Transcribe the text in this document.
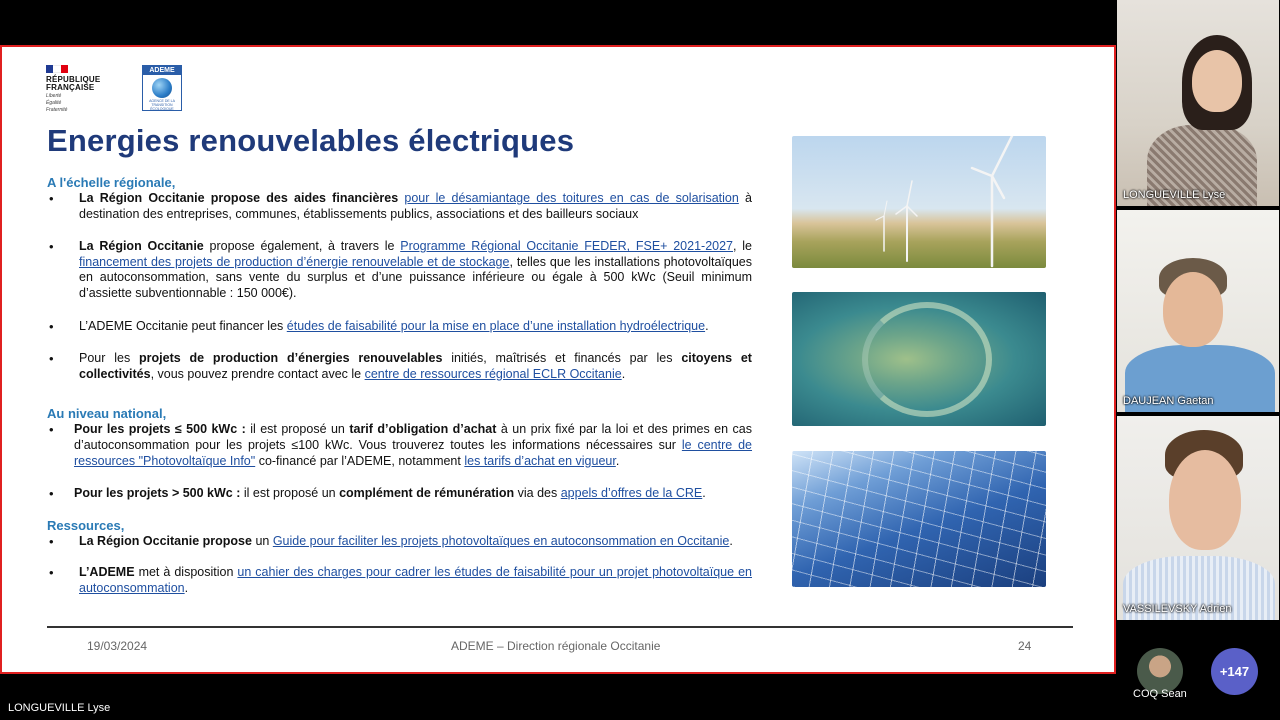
RÉPUBLIQUE
FRANÇAISE
Liberté
Égalité
Fraternité
ADEME
AGENCE DE LA TRANSITION ÉCOLOGIQUE
Energies renouvelables électriques
A l'échelle régionale,
• La Région Occitanie propose des aides financières pour le désamiantage des toitures en cas de solarisation à destination des entreprises, communes, établissements publics, associations et des bailleurs sociaux
• La Région Occitanie propose également, à travers le Programme Régional Occitanie FEDER, FSE+ 2021-2027, le financement des projets de production d’énergie renouvelable et de stockage, telles que les installations photovoltaïques en autoconsommation, sans vente du surplus et d’une puissance inférieure ou égale à 500 kWc (Seuil minimum d’assiette subventionnable : 150 000€).
• L’ADEME Occitanie peut financer les études de faisabilité pour la mise en place d’une installation hydroélectrique.
• Pour les projets de production d’énergies renouvelables initiés, maîtrisés et financés par les citoyens et collectivités, vous pouvez prendre contact avec le centre de ressources régional ECLR Occitanie.
Au niveau national,
• Pour les projets ≤ 500 kWc : il est proposé un tarif d’obligation d’achat à un prix fixé par la loi et des primes en cas d’autoconsommation pour les projets ≤100 kWc. Vous trouverez toutes les informations nécessaires sur le centre de ressources "Photovoltaïque Info" co-financé par l’ADEME, notamment les tarifs d’achat en vigueur.
• Pour les projets > 500 kWc : il est proposé un complément de rémunération via des appels d’offres de la CRE.
Ressources,
• La Région Occitanie propose un Guide pour faciliter les projets photovoltaïques en autoconsommation en Occitanie.
• L’ADEME met à disposition un cahier des charges pour cadrer les études de faisabilité pour un projet photovoltaïque en autoconsommation.
19/03/2024	ADEME – Direction régionale Occitanie	24
LONGUEVILLE Lyse
DAUJEAN Gaetan
VASSILEVSKY Adrien
LONGUEVILLE Lyse
COQ Sean
+147
